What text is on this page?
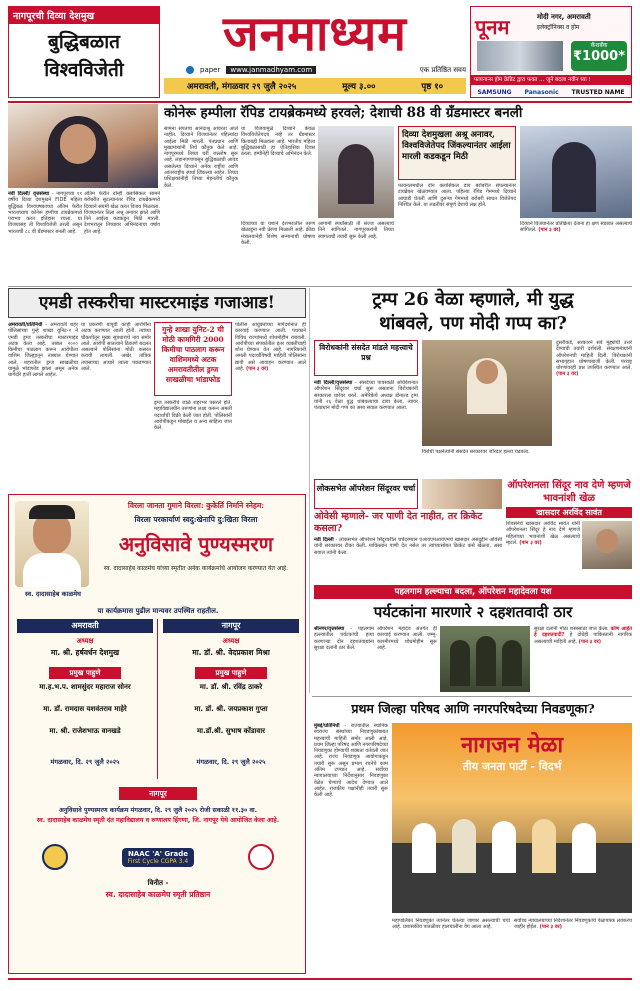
नागपूरची दिव्या देशमुख
बुद्धिबळात
विश्वविजेती
जनमाध्यम
paper	www.janmadhyam.com	एक प्रतिष्ठित सवय
अमरावती, मंगळवार २९ जुलै २०२५	मूल्य ३.००	पृष्ठ १०
पूनम	मोदी नगर, अमरावती
इलेक्ट्रॉनिक्स व होम
कॅशबॅक
₹1000*
फायनान्स होम क्रेडिट द्वारा फक्त ... जुने बदला नवीन घ्या !
SAMSUNG Panasonic TRUSTED NAME
कोनेरू हम्पीला रॅपिड टायब्रेकमध्ये हरवले; देशाची 88 वी ग्रँडमास्टर बनली
नवी दिल्ली/ वृत्तसंस्था - नागपूरच्या १९ वर्षीय दिव्या देशमुखने FIDE महिला बुद्धिबळ विश्वचषकाच्या अंतिम फेरीत भारताच्याच कोनेरू हम्पीचा टायब्रेकमध्ये पराभव करत इतिहास रचला. या विजयासह ती विश्वविजेती ठरली असून भारताची ८८ वी ग्रँडमास्टर बनली आहे.
अंतिम फेरीत दोन्ही क्लासिकल सामने बरोबरीत सुटल्यानंतर रॅपिड टायब्रेकमध्ये दिव्याने संयमी खेळ करत विजय मिळवला. विजयानंतर तिला अश्रू अनावर झाले आणि तिने आईला कडकडून मिठी मारली. देशभरातून तिच्यावर अभिनंदनाचा वर्षाव होत आहे.
सामना संपताच आनंदाश्रू आवरता आले नाहीत. दिव्याने विजयानंतर पहिल्यांदा आईला मिठी मारली. पंतप्रधान आणि मुख्यमंत्र्यांनी तिचे कौतुक केले आहे. नागपूरमध्ये तिच्या घरी जल्लोष सुरू आहे. लहानपणापासून बुद्धिबळाची आवड असलेल्या दिव्याने अनेक राष्ट्रीय आणि आंतरराष्ट्रीय स्पर्धा जिंकल्या आहेत. तिच्या प्रशिक्षकांनीही तिच्या मेहनतीचे कौतुक केले.
या विजयामुळे दिव्याने केवळ विश्वविजेतेपदच नव्हे तर ग्रँडमास्टर किताबही मिळवला आहे. भारतीय महिला बुद्धिबळासाठी हा ऐतिहासिक दिवस ठरला. हम्पीनेही दिव्याचे अभिनंदन केले.
दिव्या देशमुखला अश्रू अनावर, विश्वविजेतेपद जिंकल्यानंतर आईला मारली कडकडून मिठी
दिव्याच्या या यशाने देशभरातील तरुण खेळाडूंना नवी प्रेरणा मिळाली आहे. क्रीडा मंत्रालयानेही विशेष सन्मानाची घोषणा केली.
आगामी स्पर्धांसाठी ती सज्ज असल्याचे तिने सांगितले. नागपूरकरांनी तिच्या स्वागताची तयारी सुरू केली आहे.
फायनलमधील दोन क्लासिकल डाव बरोबरीत संपल्यानंतर टायब्रेकर खेळवण्यात आला. पहिल्या रॅपिड गेममध्ये दिव्याने आघाडी घेतली आणि दुसऱ्या गेममध्ये बरोबरी साधत विजेतेपद निश्चित केले. या लढतीवर संपूर्ण देशाचे लक्ष होते.
दिव्याने विजयानंतर प्रतिक्रिया देताना हा क्षण स्वप्नवत असल्याचे सांगितले. (पान ३ वर)
एमडी तस्करीचा मास्टरमाइंड गजाआड!
अमरावती/प्रतिनिधी - अमरावती शहर पोलिसांच्या गुन्हे शाखा युनिट-२ ने एमडी ड्रग्ज तस्करीचा मास्टरमाइंड अटक केला आहे. तब्बल २००० किमीचा पाठलाग करून आरोपीला वाशिम जिल्ह्यातून ताब्यात घेण्यात आले. शहरातील ड्रग्ज साखळीचा यामुळे भांडाफोड झाला असून अनेक धागेदोरे हाती लागले आहेत.
या प्रकरणी यापूर्वी काही आरोपींना अटक करण्यात आली होती. त्यांच्या चौकशीतून मुख्य सूत्रधाराचे नाव समोर आले. आरोपी सातत्याने ठिकाणे बदलत असल्याने पोलिसांना मोठी कसरत करावी लागली. अखेर तांत्रिक तपासाच्या आधारे त्याला पकडण्यात आले.
गुन्हे शाखा युनिट-2 ची मोठी कामगिरी 2000 किमीचा पाठलाग करून वाशिममध्ये अटक अमरावतीतील ड्रग्ज साखळीचा भांडाफोड
ड्रग्ज तस्करीचे जाळे शहरभर पसरले होते. महाविद्यालयीन तरुणांना लक्ष्य करून अमली पदार्थांची विक्री केली जात होती. पोलिसांनी आरोपीकडून मोबाईल व अन्य साहित्य जप्त केले.
पोलीस आयुक्तांच्या मार्गदर्शनात ही कारवाई करण्यात आली. पथकाने विविध राज्यांमध्ये शोधमोहीम राबवली. आरोपीच्या संपर्कातील इतर व्यक्तींचाही शोध घेण्यात येत आहे. नागरिकांनी अमली पदार्थांविषयी माहिती पोलिसांना द्यावी असे आवाहन करण्यात आले आहे. (पान ३ वर)
ट्रम्प 26 वेळा म्हणाले, मी युद्ध
थांबवले, पण मोदी गप्प का?
विरोधकांनी संसदेत मांडले महत्त्वाचे प्रश्न
नवी दिल्ली/वृत्तसंस्था - संसदेच्या पावसाळी अधिवेशनात ऑपरेशन सिंदूरवर चर्चा सुरू असताना विरोधकांनी सरकारला धारेवर धरले. अमेरिकेचे अध्यक्ष डोनाल्ड ट्रम्प यांनी २६ वेळा युद्ध थांबवल्याचा दावा केला, त्यावर पंतप्रधान मोदी गप्प का असा सवाल करण्यात आला.
दुसरीकडे, सरकारने सर्व मुद्द्यांची उत्तरे देण्याची तयारी दर्शवली. संरक्षणमंत्र्यांनी ऑपरेशनची माहिती दिली. विरोधकांनी सभागृहात घोषणाबाजी केली. परराष्ट्र धोरणावरही प्रश्न उपस्थित करण्यात आले. (पान ३ वर)
विरोधी पक्षनेत्यांनी संसदेत सरकारवर जोरदार हल्ला चढवला.
लोकसभेत ऑपरेशन सिंदूरवर चर्चा
ओवेसी म्हणाले- जर पाणी देत नाहीत, तर क्रिकेट कसला?
नवी दिल्ली - लोकसभेत ऑपरेशन सिंदूरवरील चर्चेदरम्यान एआयएमआयएमचे खासदार असदुद्दीन ओवेसी यांनी सरकारवर टीका केली. पाकिस्तान पाणी देत नसेल तर त्यांच्यासोबत क्रिकेट कसे खेळता, असा सवाल त्यांनी केला.
ऑपरेशनला सिंदूर नाव देणे म्हणजे भावनांशी खेळ
खासदार अरविंद सावंत
शिवसेनेचे खासदार अरविंद सावंत यांनी ऑपरेशनला सिंदूर हे नाव देणे म्हणजे महिलांच्या भावनांशी खेळ असल्याचे म्हटले. (पान ३ वर)
विरला जानता गुमाने विरला: कुकेर्ति निर्माने स्नेहम:
विरला परकार्याणं स्वदु:खेनापि दु:खिता विरला
स्व. दादासाहेब काळमेघ
अनुविसावे पुण्यस्मरण
स्व. दादासाहेब काळमेघ यांच्या स्मृतीत अनेक कार्यक्रमांचे आयोजन करण्यात येत आहे.
या कार्यक्रमास पुढील मान्यवर उपस्थित राहतील.
अमरावती
अध्यक्ष
मा. श्री. हर्षवर्धन देशमुख
प्रमुख पाहुणे
मा.ह.भ.प. शामसुंदर महाराज सोनर
मा. डॉ. रामदास यशवंतराव माहेरे
मा. श्री. राजेशभाऊ वानखडे
मंगळवार, दि. २९ जुलै २०२५
नागपूर
अध्यक्ष
मा. डॉ. श्री. वेदप्रकाश मिश्रा
प्रमुख पाहुणे
मा. डॉ. श्री. रविंद्र ठाकरे
मा. डॉ. श्री. जयप्रकाश गुप्ता
मा.डॉ.श्री. सुभाष कोंडावार
मंगळवार, दि. २९ जुलै २०२५
नागपूर
अनुविसावे पुण्यस्मरण कार्यक्रम मंगळवार, दि. २९ जुलै २०२५ रोजी सकाळी ११.३० वा.
स्व. दादासाहेब काळमेघ स्मृती दंत महाविद्यालय व रुग्णालय हिंगणा, जि. नागपूर येथे आयोजित केला आहे.
NAAC 'A' Grade
First Cycle CGPA 3.4
विनीत -
स्व. दादासाहेब काळमेघ स्मृती प्रतिष्ठान
पहलगाम हल्ल्याचा बदला, ऑपरेशन महादेवला यश
पर्यटकांना मारणारे २ दहशतवादी ठार
श्रीनगर/वृत्तसंस्था - पहलगाम हल्ल्यातील पर्यटकांची हत्या करणाऱ्या दोन दहशतवाद्यांना सुरक्षा दलांनी ठार केले.
ऑपरेशन महादेव अंतर्गत ही कारवाई करण्यात आली. जम्मू-काश्मीरमध्ये शोधमोहीम सुरू आहे.
सुरक्षा दलांनी मोठा शस्त्रसाठा जप्त केला. कोण आहेत हे दहशतवादी? हे दोघेही पाकिस्तानी नागरिक असल्याची माहिती आहे. (पान ३ वर)
प्रथम जिल्हा परिषद आणि नगरपरिषदेच्या निवडणूका?
मुंबई/प्रतिनिधी - राज्यातील स्थानिक स्वराज्य संस्थांच्या निवडणुकांबाबत महत्त्वाची माहिती समोर आली आहे. प्रथम जिल्हा परिषद आणि नगरपरिषदेच्या निवडणुका होण्याची शक्यता वर्तवली जात आहे. राज्य निवडणूक आयोगाकडून तयारी सुरू असून प्रभाग रचनेचे काम अंतिम टप्प्यात आहे. सर्वोच्च न्यायालयाच्या निर्देशानुसार निवडणुका वेळेत घेण्याचे आदेश देण्यात आले आहेत. राजकीय पक्षांनीही तयारी सुरू केली आहे.
नागजन मेळा
तीय जनता पार्टी - विदर्भ
महापालिका निवडणुका त्यानंतर घेतल्या जाणार असल्याची चर्चा आहे. प्रशासकीय पातळीवर हालचालींना वेग आला आहे.
सर्वोच्च न्यायालयाच्या निर्देशानंतर निवडणुकांचे वेळापत्रक लवकरच जाहीर होईल. (पान ३ वर)
